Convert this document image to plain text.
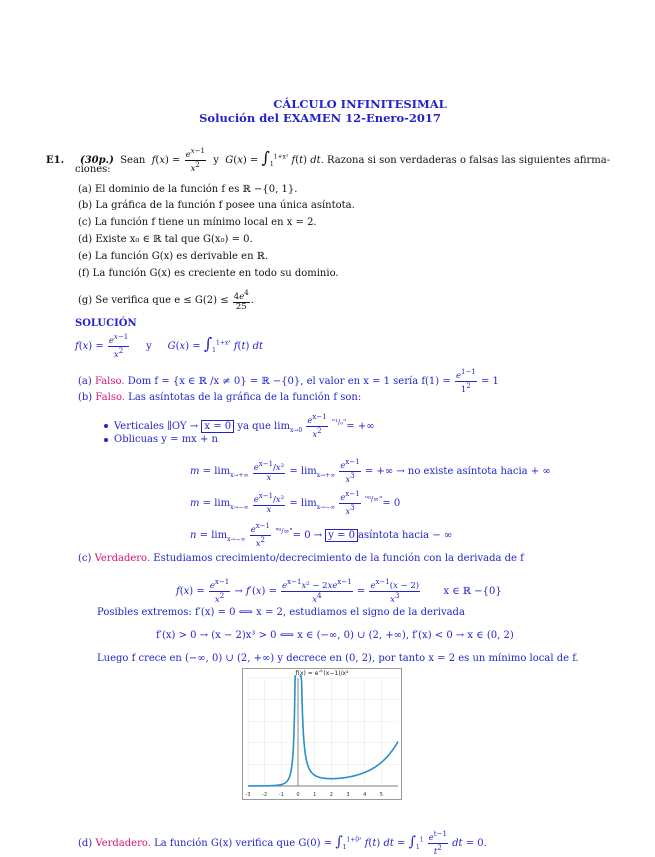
CÁLCULO INFINITESIMAL
Solución del EXAMEN 12-Enero-2017
E1. (30p.) Sean $f(x) = \frac{e^{x-1}}{x^2}$ y $G(x) = \int_1^{1+x^2}$ f(t) dt. Razona si son verdaderas o falsas las siguientes afirma-
ciones:
(a) El dominio de la función f es ℝ −{0, 1}.
(b) La gráfica de la función f posee una única asíntota.
(c) La función f tiene un mínimo local en x = 2.
(d) Existe x₀ ∈ ℝ tal que G(x₀) = 0.
(e) La función G(x) es derivable en ℝ.
(f) La función G(x) es creciente en todo su dominio.
(g) Se verifica que $e \le G(2) \le \frac{4e^4}{25}$ .
SOLUCIÓN
$f(x) = \frac{e^{x-1}}{x^2}$ y     $G(x) = \int_1^{1+x^2}$ f(t) dt
(a) Falso. Dom f = {x ∈ ℝ /x ≠ 0} = ℝ −{0}, el valor en x = 1 sería $f(1) = \frac{e^{1-1}}{1^2} = 1$
(b) Falso. Las asíntotas de la gráfica de la función f son:
Verticales ∥OY → x = 0 ya que $\lim_{x\to 0} \frac{e^{x-1}}{x^2} ^{"^1/_0"}=$ +∞
Oblicuas y = mx + n
$m = \lim_{x\to+\infty} \frac{e^{x-1}/x^2}{x} = \lim_{x\to+\infty} \frac{e^{x-1}}{x^3}$ = +∞ → no existe asíntota hacia + ∞
$m = \lim_{x\to-\infty} \frac{e^{x-1}/x^2}{x} = \lim_{x\to-\infty} \frac{e^{x-1}}{x^3} ^{"^0/\infty"}= 0$
$n = \lim_{x\to-\infty} \frac{e^{x-1}}{x^2} ^{"^0/\infty"}= 0 \to y = 0$ asíntota hacia − ∞
(c) Verdadero. Estudiamos crecimiento/decrecimiento de la función con la derivada de f
$f(x) = \frac{e^{x-1}}{x^2} \to f'(x) = \frac{e^{x-1}x^2 - 2xe^{x-1}}{x^4} = \frac{e^{x-1}(x - 2)}{x^3}$ x ∈ ℝ −{0}
Posibles extremos: f′(x) = 0 ⟺ x = 2, estudiamos el signo de la derivada
f′(x) > 0 → (x − 2)x³ > 0 ⟺ x ∈ (−∞, 0) ∪ (2, +∞), f′(x) < 0 → x ∈ (0, 2)
Luego f crece en (−∞, 0) ∪ (2, +∞) y decrece en (0, 2), por tanto x = 2 es un mínimo local de f.
-3 -2 -1	0	1	2	3	4	5
f(x) = e^(x−1)/x²
(d) Verdadero. La función G(x) verifica que $G(0) = \int_1^{1+0^2}$ f(t) dt = $\int_1^1 \frac{e^{t-1}}{t^2}$ dt = 0.
